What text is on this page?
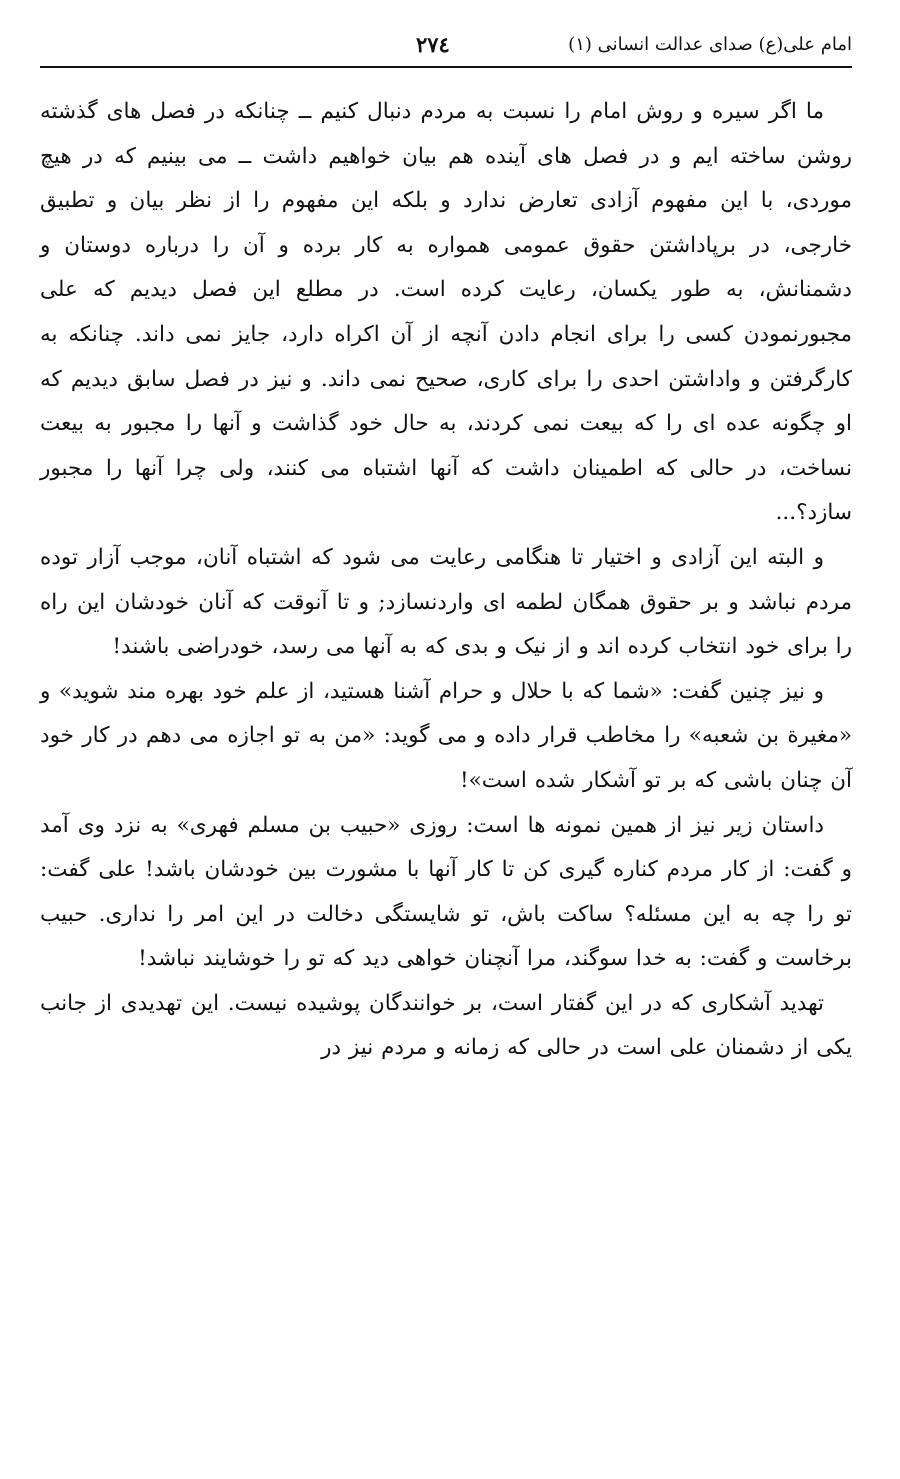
امام علی(ع) صدای عدالت انسانی (۱)
۲۷٤

ما اگر سیره و روش امام را نسبت به مردم دنبال کنیم ــ چنانکه در فصل های گذشته روشن ساخته ایم و در فصل های آینده هم بیان خواهیم داشت ــ می بینیم که در هیچ موردی، با این مفهوم آزادی تعارض ندارد و بلکه این مفهوم را از نظر بیان و تطبیق خارجی، در برپاداشتن حقوق عمومی همواره به کار برده و آن را درباره دوستان و دشمنانش، به طور یکسان، رعایت کرده است. در مطلع این فصل دیدیم که علی مجبورنمودن کسی را برای انجام دادن آنچه از آن اکراه دارد، جایز نمی داند. چنانکه به کارگرفتن و واداشتن احدی را برای کاری، صحیح نمی داند. و نیز در فصل سابق دیدیم که او چگونه عده ای را که بیعت نمی کردند، به حال خود گذاشت و آنها را مجبور به بیعت نساخت، در حالی که اطمینان داشت که آنها اشتباه می کنند، ولی چرا آنها را مجبور سازد؟...

و البته این آزادی و اختیار تا هنگامی رعایت می شود که اشتباه آنان، موجب آزار توده مردم نباشد و بر حقوق همگان لطمه ای واردنسازد; و تا آنوقت که آنان خودشان این راه را برای خود انتخاب کرده اند و از نیک و بدی که به آنها می رسد، خودراضی باشند!

و نیز چنین گفت: «شما که با حلال و حرام آشنا هستید، از علم خود بهره مند شوید» و «مغیرة بن شعبه» را مخاطب قرار داده و می گوید: «من به تو اجازه می دهم در کار خود آن چنان باشی که بر تو آشکار شده است»!

داستان زیر نیز از همین نمونه ها است: روزی «حبیب بن مسلم فهری» به نزد وی آمد و گفت: از کار مردم کناره گیری کن تا کار آنها با مشورت بین خودشان باشد! علی گفت: تو را چه به این مسئله؟ ساکت باش، تو شایستگی دخالت در این امر را نداری. حبیب برخاست و گفت: به خدا سوگند، مرا آنچنان خواهی دید که تو را خوشایند نباشد!

تهدید آشکاری که در این گفتار است، بر خوانندگان پوشیده نیست. این تهدیدی از جانب یکی از دشمنان علی است در حالی که زمانه و مردم نیز در
